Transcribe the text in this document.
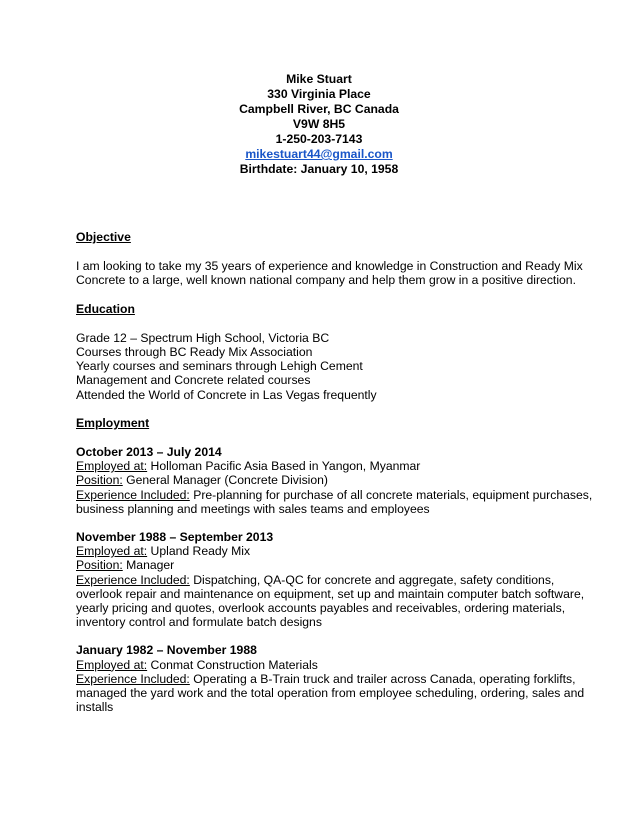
Mike Stuart
330 Virginia Place
Campbell River, BC Canada
V9W 8H5
1-250-203-7143
mikestuart44@gmail.com
Birthdate: January 10, 1958

Objective

I am looking to take my 35 years of experience and knowledge in Construction and Ready Mix
Concrete to a large, well known national company and help them grow in a positive direction.

Education

Grade 12 – Spectrum High School, Victoria BC
Courses through BC Ready Mix Association
Yearly courses and seminars through Lehigh Cement
Management and Concrete related courses
Attended the World of Concrete in Las Vegas frequently

Employment

October 2013 – July 2014

Employed at: Holloman Pacific Asia Based in Yangon, Myanmar
Position: General Manager (Concrete Division)
Experience Included: Pre-planning for purchase of all concrete materials, equipment purchases,
business planning and meetings with sales teams and employees

November 1988 – September 2013

Employed at: Upland Ready Mix
Position: Manager
Experience Included: Dispatching, QA-QC for concrete and aggregate, safety conditions,
overlook repair and maintenance on equipment, set up and maintain computer batch software,
yearly pricing and quotes, overlook accounts payables and receivables, ordering materials,
inventory control and formulate batch designs

January 1982 – November 1988

Employed at: Conmat Construction Materials
Experience Included: Operating a B-Train truck and trailer across Canada, operating forklifts,
managed the yard work and the total operation from employee scheduling, ordering, sales and
installs
